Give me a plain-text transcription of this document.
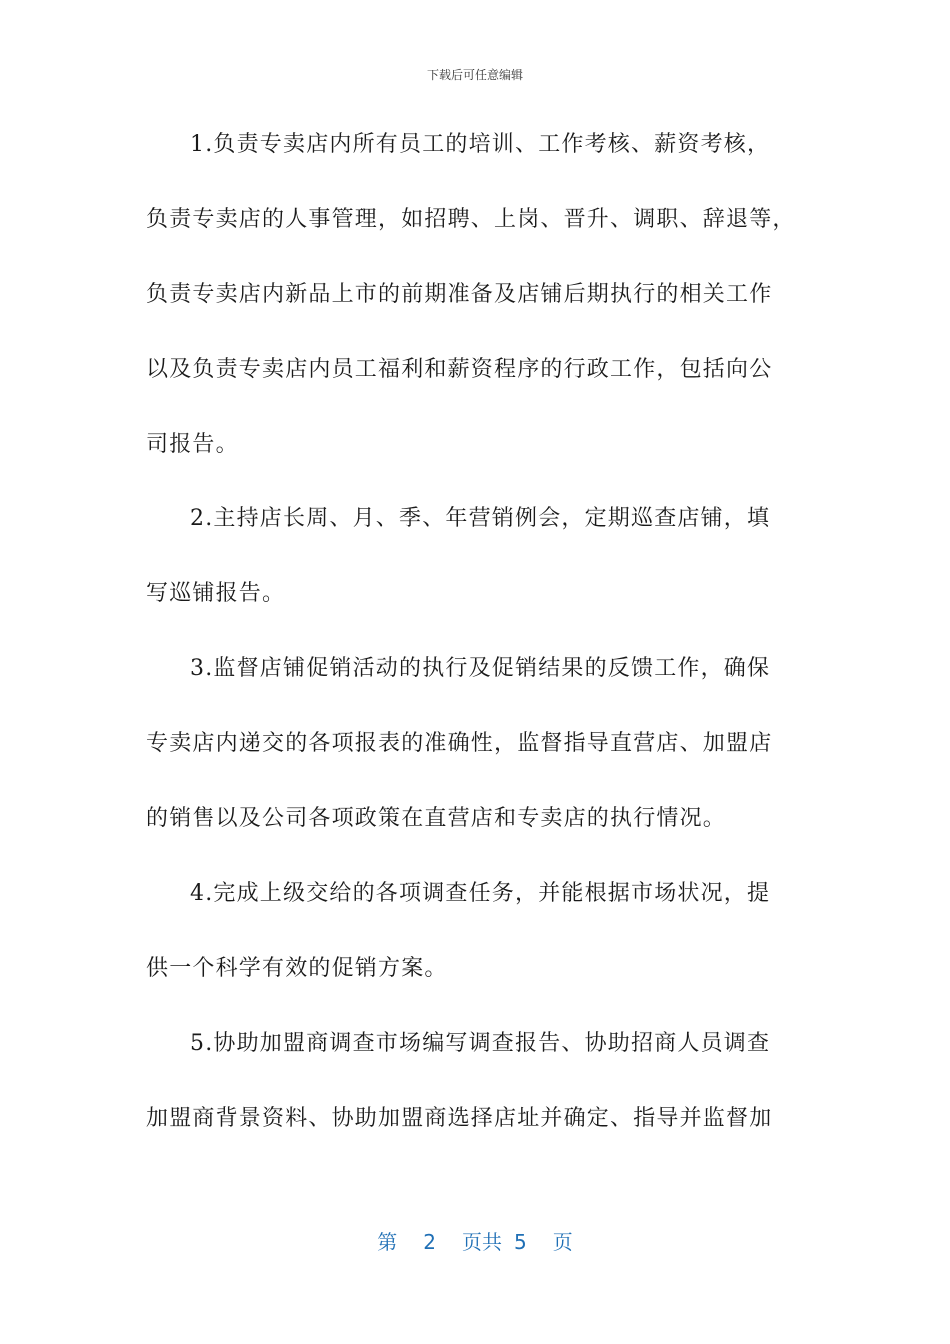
下载后可任意编辑
1.负责专卖店内所有员工的培训、工作考核、薪资考核，
负责专卖店的人事管理，如招聘、上岗、晋升、调职、辞退等，
负责专卖店内新品上市的前期准备及店铺后期执行的相关工作
以及负责专卖店内员工福利和薪资程序的行政工作，包括向公
司报告。
2.主持店长周、月、季、年营销例会，定期巡查店铺，填
写巡铺报告。
3.监督店铺促销活动的执行及促销结果的反馈工作，确保
专卖店内递交的各项报表的准确性，监督指导直营店、加盟店
的销售以及公司各项政策在直营店和专卖店的执行情况。
4.完成上级交给的各项调查任务，并能根据市场状况，提
供一个科学有效的促销方案。
5.协助加盟商调查市场编写调查报告、协助招商人员调查
加盟商背景资料、协助加盟商选择店址并确定、指导并监督加
第 2 页共 5 页
